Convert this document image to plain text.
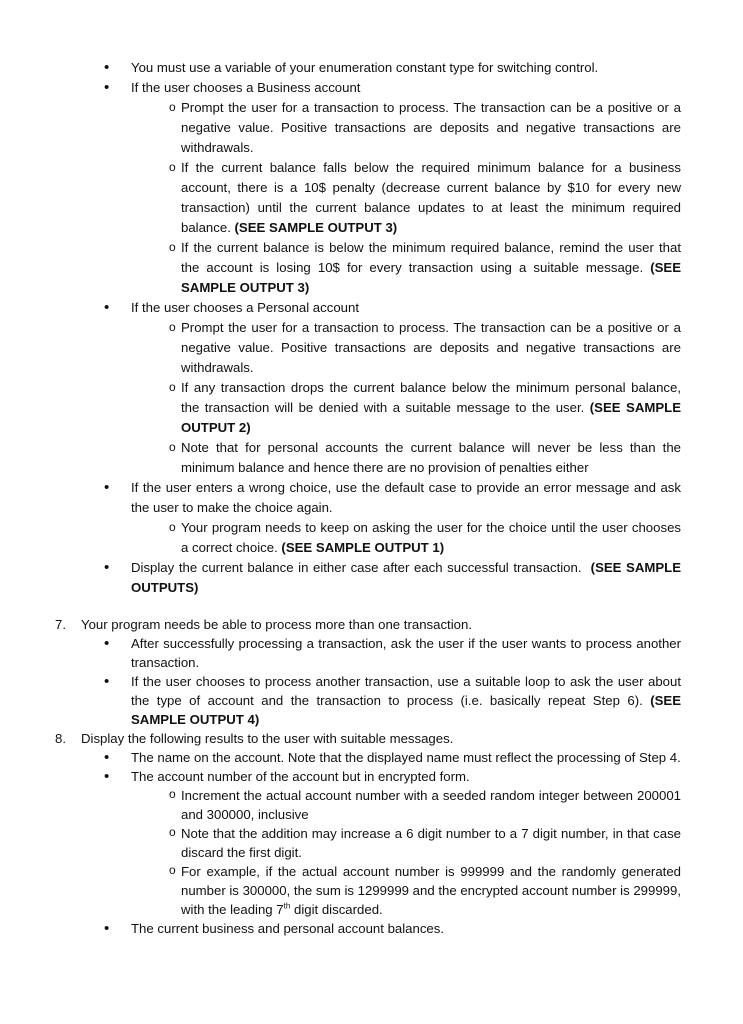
• You must use a variable of your enumeration constant type for switching control.
• If the user chooses a Business account
o Prompt the user for a transaction to process. The transaction can be a positive or a negative value. Positive transactions are deposits and negative transactions are withdrawals.
o If the current balance falls below the required minimum balance for a business account, there is a 10$ penalty (decrease current balance by $10 for every new transaction) until the current balance updates to at least the minimum required balance. (SEE SAMPLE OUTPUT 3)
o If the current balance is below the minimum required balance, remind the user that the account is losing 10$ for every transaction using a suitable message. (SEE SAMPLE OUTPUT 3)
• If the user chooses a Personal account
o Prompt the user for a transaction to process. The transaction can be a positive or a negative value. Positive transactions are deposits and negative transactions are withdrawals.
o If any transaction drops the current balance below the minimum personal balance, the transaction will be denied with a suitable message to the user. (SEE SAMPLE OUTPUT 2)
o Note that for personal accounts the current balance will never be less than the minimum balance and hence there are no provision of penalties either
• If the user enters a wrong choice, use the default case to provide an error message and ask the user to make the choice again.
o Your program needs to keep on asking the user for the choice until the user chooses a correct choice. (SEE SAMPLE OUTPUT 1)
• Display the current balance in either case after each successful transaction. (SEE SAMPLE OUTPUTS)
7. Your program needs be able to process more than one transaction.
• After successfully processing a transaction, ask the user if the user wants to process another transaction.
• If the user chooses to process another transaction, use a suitable loop to ask the user about the type of account and the transaction to process (i.e. basically repeat Step 6). (SEE SAMPLE OUTPUT 4)
8. Display the following results to the user with suitable messages.
• The name on the account. Note that the displayed name must reflect the processing of Step 4.
• The account number of the account but in encrypted form.
o Increment the actual account number with a seeded random integer between 200001 and 300000, inclusive
o Note that the addition may increase a 6 digit number to a 7 digit number, in that case discard the first digit.
o For example, if the actual account number is 999999 and the randomly generated number is 300000, the sum is 1299999 and the encrypted account number is 299999, with the leading 7th digit discarded.
• The current business and personal account balances.
